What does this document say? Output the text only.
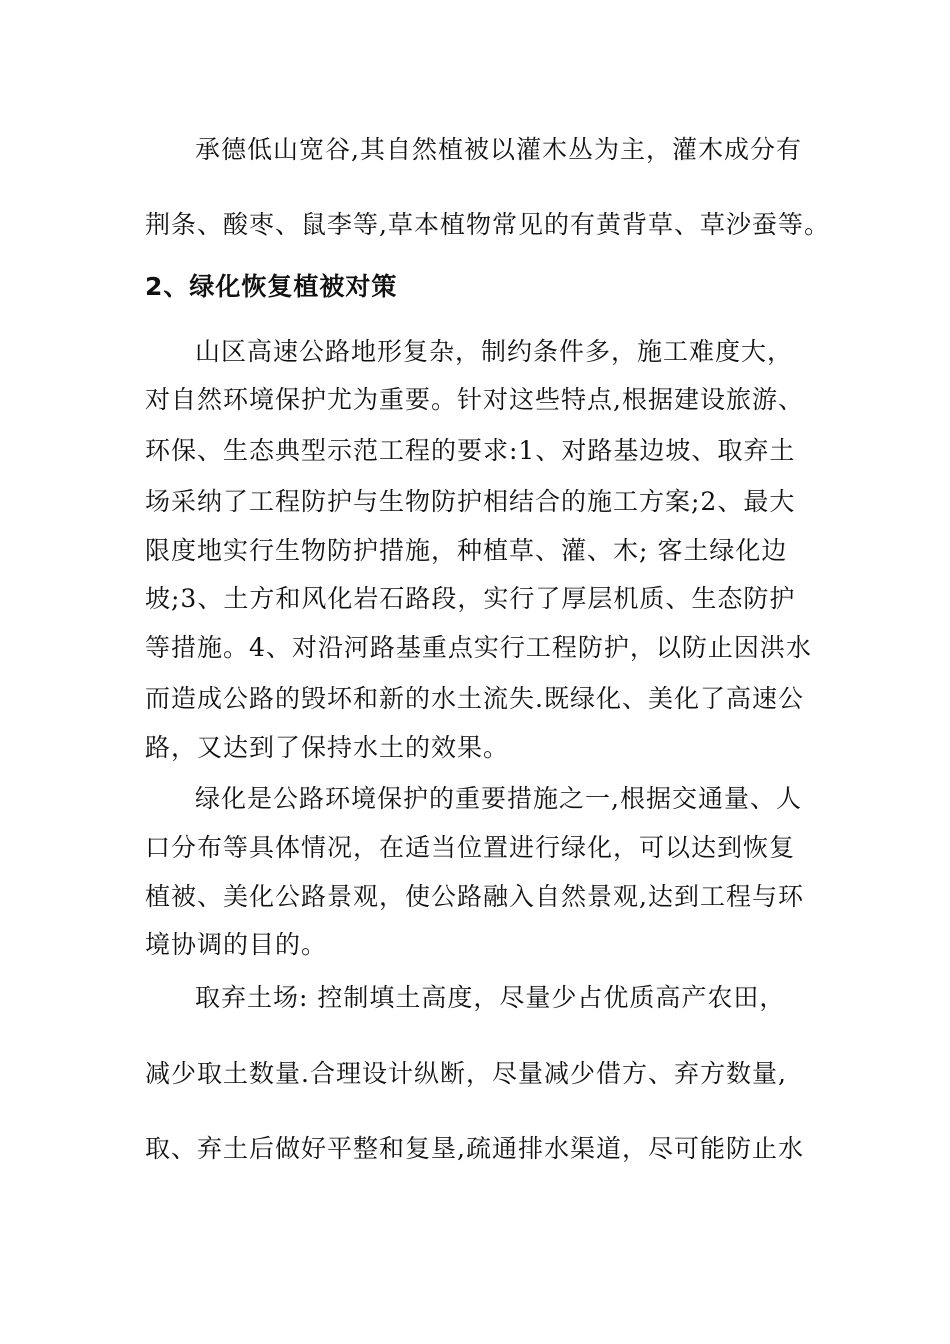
承德低山宽谷,其自然植被以灌木丛为主，灌木成分有
荆条、酸枣、鼠李等,草本植物常见的有黄背草、草沙蚕等。
2、绿化恢复植被对策
山区高速公路地形复杂，制约条件多，施工难度大，
对自然环境保护尤为重要。针对这些特点,根据建设旅游、
环保、生态典型示范工程的要求:1、对路基边坡、取弃土
场采纳了工程防护与生物防护相结合的施工方案;2、最大
限度地实行生物防护措施，种植草、灌、木; 客土绿化边
坡;3、土方和风化岩石路段，实行了厚层机质、生态防护
等措施。4、对沿河路基重点实行工程防护，以防止因洪水
而造成公路的毁坏和新的水土流失.既绿化、美化了高速公
路，又达到了保持水土的效果。
绿化是公路环境保护的重要措施之一,根据交通量、人
口分布等具体情况，在适当位置进行绿化，可以达到恢复
植被、美化公路景观，使公路融入自然景观,达到工程与环
境协调的目的。
取弃土场: 控制填土高度，尽量少占优质高产农田，
减少取土数量.合理设计纵断，尽量减少借方、弃方数量,
取、弃土后做好平整和复垦,疏通排水渠道，尽可能防止水
